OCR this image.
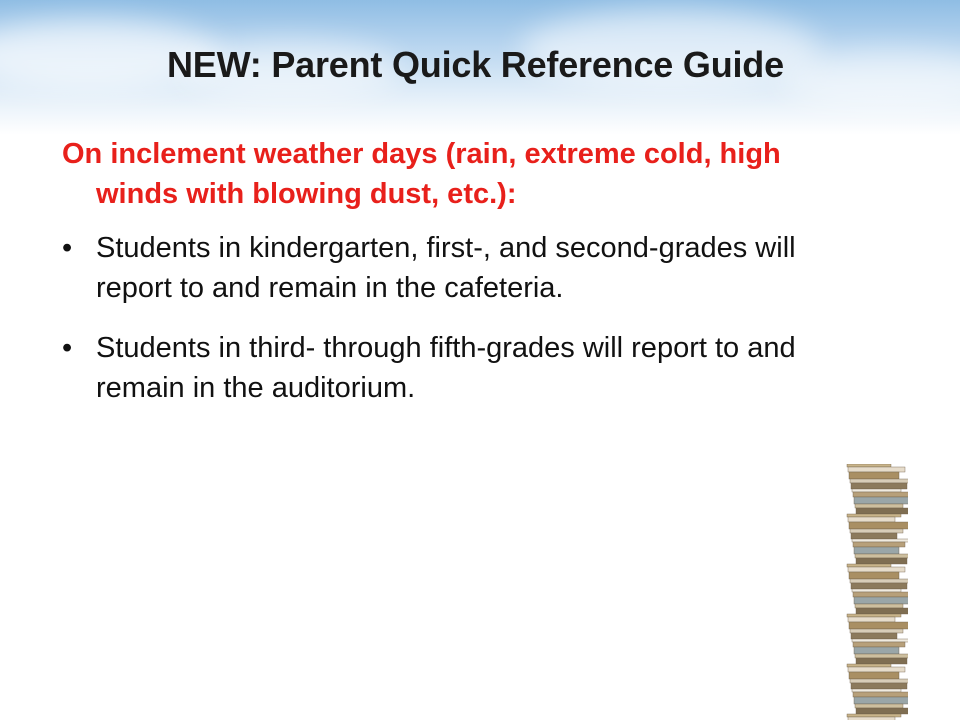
NEW: Parent Quick Reference Guide

On inclement weather days (rain, extreme cold, high winds with blowing dust, etc.):

• Students in kindergarten, first-, and second-grades will report to and remain in the cafeteria.

• Students in third- through fifth-grades will report to and remain in the auditorium.
